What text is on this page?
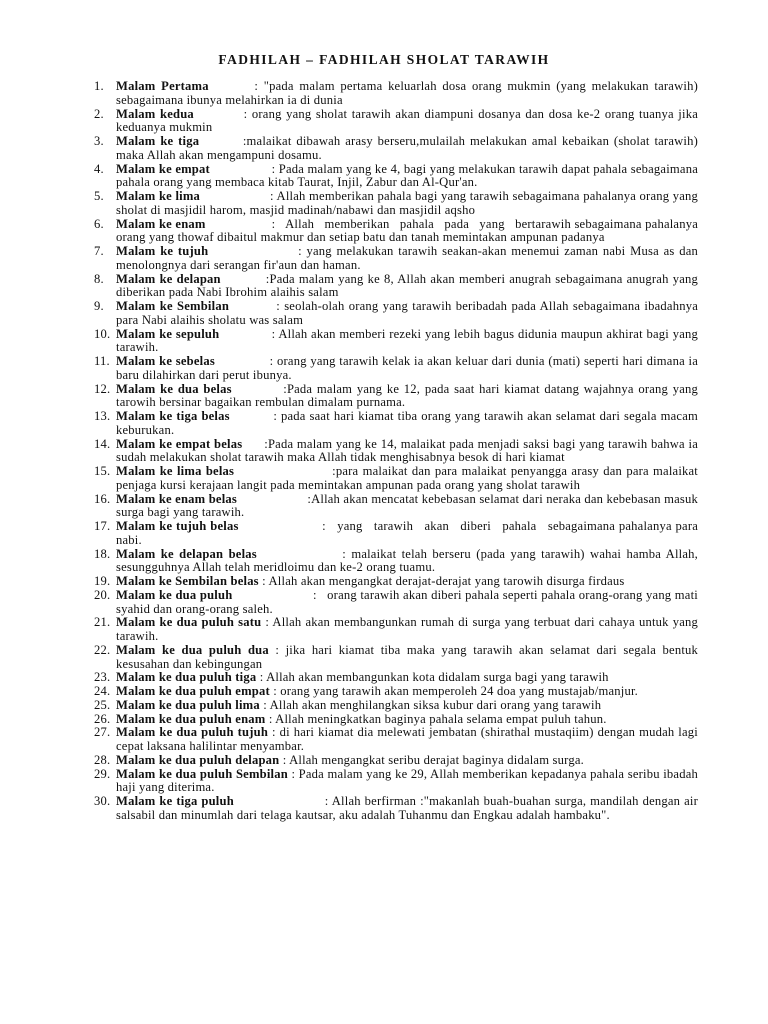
FADHILAH – FADHILAH SHOLAT TARAWIH
1. Malam Pertama        : "pada malam pertama keluarlah dosa orang mukmin (yang melakukan tarawih) sebagaimana ibunya melahirkan ia di dunia
2. Malam kedua           : orang yang sholat tarawih akan diampuni dosanya dan dosa ke-2 orang tuanya jika keduanya mukmin
3. Malam ke tiga         :malaikat dibawah arasy berseru,mulailah melakukan amal kebaikan (sholat tarawih) maka Allah akan mengampuni dosamu.
4. Malam ke empat                  : Pada malam yang ke 4, bagi yang melakukan tarawih dapat pahala sebagaimana pahala orang yang membaca kitab Taurat, Injil, Zabur dan Al-Qur'an.
5. Malam ke lima                    : Allah memberikan pahala bagi yang tarawih sebagaimana pahalanya orang yang sholat di masjidil harom, masjid madinah/nabawi dan masjidil aqsho
6. Malam ke enam                   :   Allah   memberikan   pahala   pada   yang   bertarawih sebagaimana pahalanya orang yang thowaf dibaitul makmur dan setiap batu dan tanah memintakan ampunan padanya
7. Malam ke tujuh                   : yang melakukan tarawih seakan-akan menemui zaman nabi Musa as dan menolongnya dari serangan fir'aun dan haman.
8. Malam ke delapan           :Pada malam yang ke 8, Allah akan memberi anugrah sebagaimana anugrah yang diberikan pada Nabi Ibrohim alaihis salam
9. Malam ke Sembilan           : seolah-olah orang yang tarawih beribadah pada Allah sebagaimana ibadahnya para Nabi alaihis sholatu was salam
10. Malam ke sepuluh              : Allah akan memberi rezeki yang lebih bagus didunia maupun akhirat bagi yang tarawih.
11. Malam ke sebelas               : orang yang tarawih kelak ia akan keluar dari dunia (mati) seperti hari dimana ia baru dilahirkan dari perut ibunya.
12. Malam ke dua belas           :Pada malam yang ke 12, pada saat hari kiamat datang wajahnya orang yang tarowih bersinar bagaikan rembulan dimalam purnama.
13. Malam ke tiga belas           : pada saat hari kiamat tiba orang yang tarawih akan selamat dari segala macam keburukan.
14. Malam ke empat belas      :Pada malam yang ke 14, malaikat pada menjadi saksi bagi yang tarawih bahwa ia sudah melakukan sholat tarawih maka Allah tidak menghisabnya besok di hari kiamat
15. Malam ke lima belas                       :para malaikat dan para malaikat penyangga arasy dan para malaikat penjaga kursi kerajaan langit pada memintakan ampunan pada orang yang sholat tarawih
16. Malam ke enam belas                     :Allah akan mencatat kebebasan selamat dari neraka dan kebebasan masuk surga bagi yang tarawih.
17. Malam ke tujuh belas                      :   yang   tarawih   akan   diberi   pahala   sebagaimana pahalanya para nabi.
18. Malam ke delapan belas                : malaikat telah berseru (pada yang tarawih) wahai hamba Allah, sesungguhnya Allah telah meridloimu dan ke-2 orang tuamu.
19. Malam ke Sembilan belas : Allah akan mengangkat derajat-derajat yang tarowih disurga firdaus
20. Malam ke dua puluh                       :   orang tarawih akan diberi pahala seperti pahala orang-orang yang mati syahid dan orang-orang saleh.
21. Malam ke dua puluh satu : Allah akan membangunkan rumah di surga yang terbuat dari cahaya untuk yang tarawih.
22. Malam ke dua puluh dua : jika hari kiamat tiba maka yang tarawih akan selamat dari segala bentuk kesusahan dan kebingungan
23. Malam ke dua puluh tiga : Allah akan membangunkan kota didalam surga bagi yang tarawih
24. Malam ke dua puluh empat : orang yang tarawih akan memperoleh 24 doa yang mustajab/manjur.
25. Malam ke dua puluh lima : Allah akan menghilangkan siksa kubur dari orang yang tarawih
26. Malam ke dua puluh enam : Allah meningkatkan baginya pahala selama empat puluh tahun.
27. Malam ke dua puluh tujuh : di hari kiamat dia melewati jembatan (shirathal mustaqiim) dengan mudah lagi cepat laksana halilintar menyambar.
28. Malam ke dua puluh delapan : Allah mengangkat seribu derajat baginya didalam surga.
29. Malam ke dua puluh Sembilan : Pada malam yang ke 29, Allah memberikan kepadanya pahala seribu ibadah haji yang diterima.
30. Malam ke tiga puluh                       : Allah berfirman :"makanlah buah-buahan surga, mandilah dengan air salsabil dan minumlah dari telaga kautsar, aku adalah Tuhanmu dan Engkau adalah hambaku".
